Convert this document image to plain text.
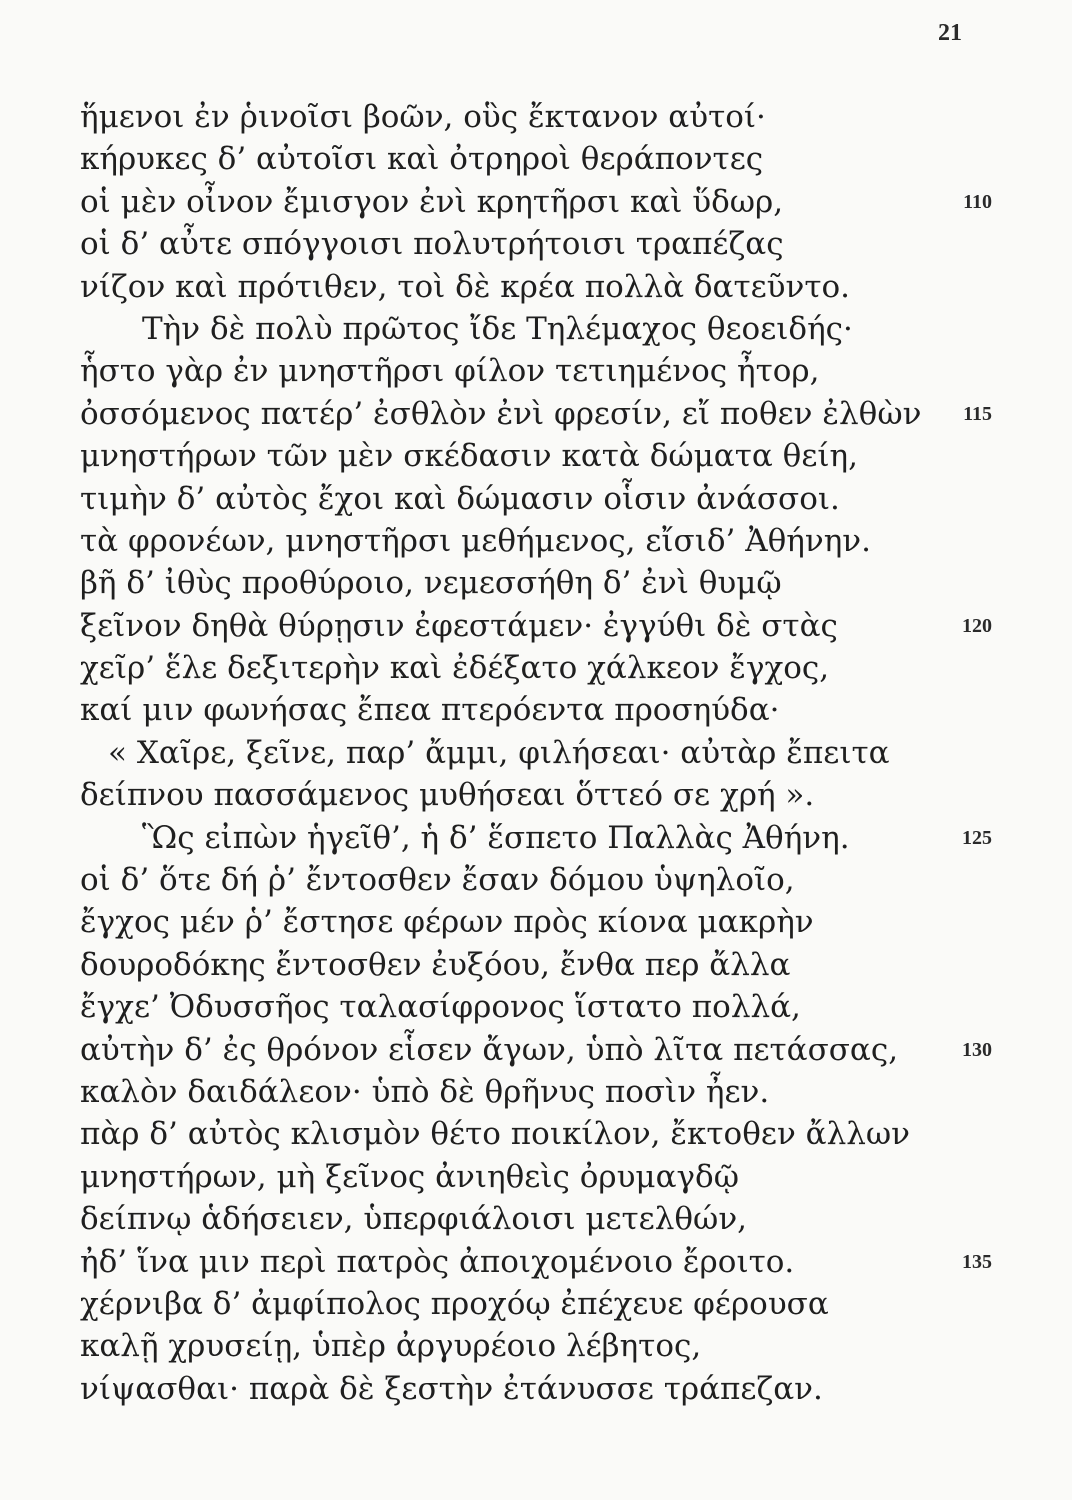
21
ἥμενοι ἐν ῥινοῖσι βοῶν, οὓς ἔκτανον αὐτοί·
κήρυκες δ’ αὐτοῖσι καὶ ὀτρηροὶ θεράποντες
οἱ μὲν οἶνον ἔμισγον ἐνὶ κρητῆρσι καὶ ὕδωρ,	110
οἱ δ’ αὖτε σπόγγοισι πολυτρήτοισι τραπέζας
νίζον καὶ πρότιθεν, τοὶ δὲ κρέα πολλὰ δατεῦντο.
Τὴν δὲ πολὺ πρῶτος ἴδε Τηλέμαχος θεοειδής·
ἧστο γὰρ ἐν μνηστῆρσι φίλον τετιημένος ἦτορ,
ὀσσόμενος πατέρ’ ἐσθλὸν ἐνὶ φρεσίν, εἴ ποθεν ἐλθὼν 115
μνηστήρων τῶν μὲν σκέδασιν κατὰ δώματα θείη,
τιμὴν δ’ αὐτὸς ἔχοι καὶ δώμασιν οἷσιν ἀνάσσοι.
τὰ φρονέων, μνηστῆρσι μεθήμενος, εἴσιδ’ Ἀθήνην.
βῆ δ’ ἰθὺς προθύροιο, νεμεσσήθη δ’ ἐνὶ θυμῷ
ξεῖνον δηθὰ θύρῃσιν ἐφεστάμεν· ἐγγύθι δὲ στὰς	120
χεῖρ’ ἕλε δεξιτερὴν καὶ ἐδέξατο χάλκεον ἔγχος,
καί μιν φωνήσας ἔπεα πτερόεντα προσηύδα·
« Χαῖρε, ξεῖνε, παρ’ ἄμμι, φιλήσεαι· αὐτὰρ ἔπειτα
δείπνου πασσάμενος μυθήσεαι ὅττεό σε χρή ».
Ὣς εἰπὼν ἡγεῖθ’, ἡ δ’ ἕσπετο Παλλὰς Ἀθήνη.	125
οἱ δ’ ὅτε δή ῥ’ ἔντοσθεν ἔσαν δόμου ὑψηλοῖο,
ἔγχος μέν ῥ’ ἔστησε φέρων πρὸς κίονα μακρὴν
δουροδόκης ἔντοσθεν ἐυξόου, ἔνθα περ ἄλλα
ἔγχε’ Ὀδυσσῆος ταλασίφρονος ἵστατο πολλά,
αὐτὴν δ’ ἐς θρόνον εἷσεν ἄγων, ὑπὸ λῖτα πετάσσας,	130
καλὸν δαιδάλεον· ὑπὸ δὲ θρῆνυς ποσὶν ἦεν.
πὰρ δ’ αὐτὸς κλισμὸν θέτο ποικίλον, ἔκτοθεν ἄλλων
μνηστήρων, μὴ ξεῖνος ἀνιηθεὶς ὀρυμαγδῷ
δείπνῳ ἁδήσειεν, ὑπερφιάλοισι μετελθών,
ἠδ’ ἵνα μιν περὶ πατρὸς ἀποιχομένοιο ἔροιτο.	135
χέρνιβα δ’ ἀμφίπολος προχόῳ ἐπέχευε φέρουσα
καλῇ χρυσείῃ, ὑπὲρ ἀργυρέοιο λέβητος,
νίψασθαι· παρὰ δὲ ξεστὴν ἐτάνυσσε τράπεζαν.
